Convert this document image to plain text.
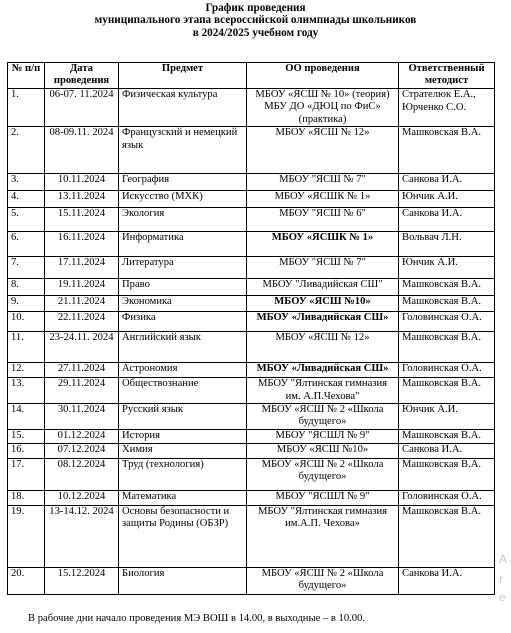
График проведения
муниципального этапа всероссийской олимпиады школьников
в 2024/2025 учебном году
№ п/п	Дата проведения	Предмет	ОО проведения	Ответственный методист
1.	06-07. 11.2024	Физическая культура	МБОУ «ЯСШ № 10» (теория) МБУ ДО «ДЮЦ по ФиС» (практика)	Стрателюк Е.А.,
Юрченко С.О.

2.	08-09.11. 2024	Французский и немецкий язык	МБОУ «ЯСШ № 12»	Машковская В.А.
3.	10.11.2024	География	МБОУ "ЯСШ № 7"	Санкова И.А.
4.	13.11.2024	Искусство (МХК)	МБОУ «ЯСШК № 1»	Юнчик А.И.
5.	15.11.2024	Экология	МБОУ "ЯСШ № 6"	Санкова И.А.
6.	16.11.2024	Информатика	МБОУ «ЯСШК № 1»	Вольвач Л.Н.
7.	17.11.2024	Литература	МБОУ "ЯСШ № 7"	Юнчик А.И.
8.	19.11.2024	Право	МБОУ "Ливадийская СШ"	Машковская В.А.
9.	21.11.2024	Экономика	МБОУ «ЯСШ №10»	Машковская В.А.
10.	22.11.2024	Физика	МБОУ «Ливадийская СШ»	Головинская О.А.
11.	23-24.11. 2024	Английский язык	МБОУ «ЯСШ № 12»	Машковская В.А.
12.	27.11.2024	Астрономия	МБОУ «Ливадийская СШ»	Головинская О.А.
13.	29.11.2024	Обществознание	МБОУ "Ялтинская гимназия им. А.П.Чехова"	Машковская В.А.
14.	30.11.2024	Русский язык	МБОУ «ЯСШ № 2 «Школа будущего»	Юнчик А.И.
15.	01.12.2024	История	МБОУ "ЯСШЛ № 9"	Машковская В.А.
16.	07.12.2024	Химия	МБОУ «ЯСШ №10»	Санкова И.А.
17.	08.12.2024	Труд (технология)	МБОУ «ЯСШ № 2 «Школа будущего»	Машковская В.А.
18.	10.12.2024	Математика	МБОУ "ЯСШЛ № 9"	Головинская О.А.
19.	13-14.12. 2024	Основы безопасности и защиты Родины (ОБЗР)	МБОУ "Ялтинская гимназия им.А.П. Чехова»	Машковская В.А.
20.	15.12.2024	Биология	МБОУ «ЯСШ № 2 «Школа будущего»	Санкова И.А.
В рабочие дни начало проведения МЭ ВОШ в 14.00, в выходные – в 10.00.
A
r
e
